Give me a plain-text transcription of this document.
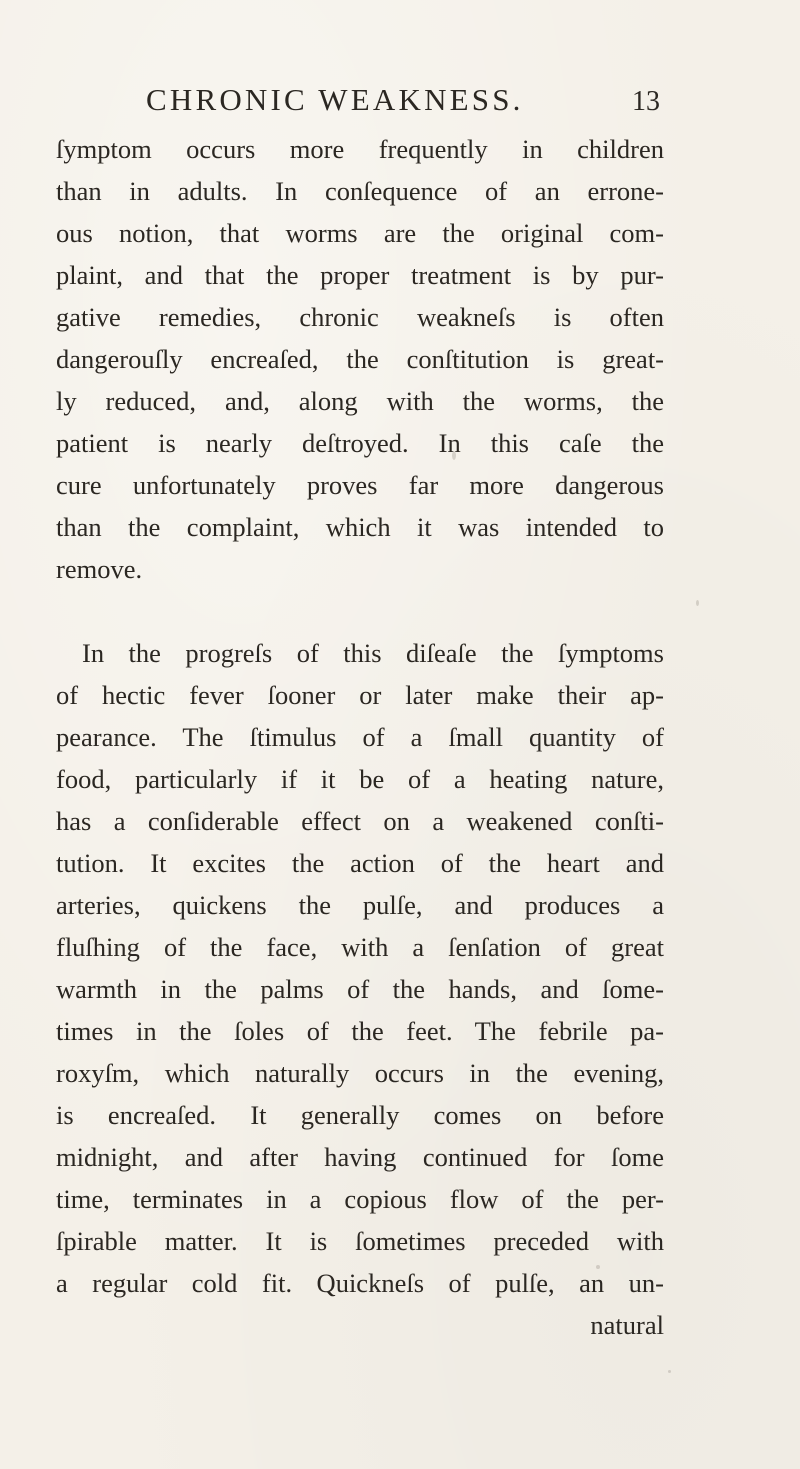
CHRONIC WEAKNESS.	13
ſymptom occurs more frequently in children
than in adults. In conſequence of an errone-
ous notion, that worms are the original com-
plaint, and that the proper treatment is by pur-
gative remedies, chronic weakneſs is often
dangerouſly encreaſed, the conſtitution is great-
ly reduced, and, along with the worms, the
patient is nearly deſtroyed. In this caſe the
cure unfortunately proves far more dangerous
than the complaint, which it was intended to
remove.
In the progreſs of this diſeaſe the ſymptoms
of hectic fever ſooner or later make their ap-
pearance. The ſtimulus of a ſmall quantity of
food, particularly if it be of a heating nature,
has a conſiderable effect on a weakened conſti-
tution. It excites the action of the heart and
arteries, quickens the pulſe, and produces a
fluſhing of the face, with a ſenſation of great
warmth in the palms of the hands, and ſome-
times in the ſoles of the feet. The febrile pa-
roxyſm, which naturally occurs in the evening,
is encreaſed. It generally comes on before
midnight, and after having continued for ſome
time, terminates in a copious flow of the per-
ſpirable matter. It is ſometimes preceded with
a regular cold fit. Quickneſs of pulſe, an un-
natural
